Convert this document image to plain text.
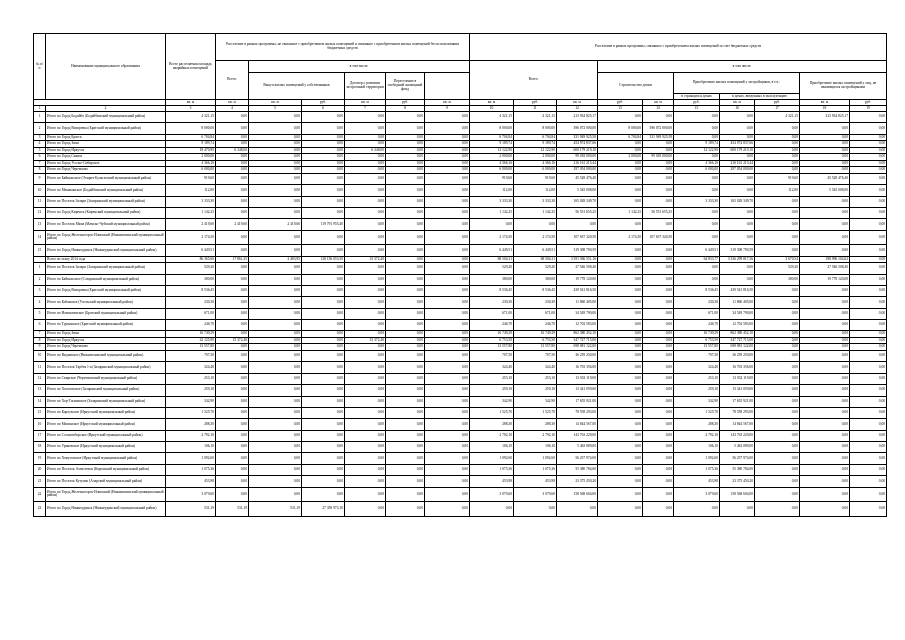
№ п/п	Наименование муниципального образования	Всего расселяемая площадь аварийных помещений	Расселение в рамках программы, не связанное с приобретением жилых помещений и связанное с приобретением жилых помещений без использования бюджетных средств						Расселение в рамках программы, связанное с приобретением жилых помещений за счет бюджетных средств									
			Всего:	в том числе:					Всего:			в том числе:						
				Выкуп жилых помещений у собственников		Договор о развитии застроенной территории	Переселение в свободный жилищный фонд					Строительство домов		Приобретение жилых помещений у застройщиков, в т.ч.:			Приобретение жилых помещений у лиц, не являющихся застройщиками	
														в строящихся домах	в домах, введенных в эксплуатацию			
		кв. м	кв. м	кв. м	руб.	кв. м	руб.	кв. м	кв. м	руб.	кв. м	руб.	кв. м	руб.	кв. м	руб.	кв. м	руб.
1	2	3	4	5	6	7	8	9	10	11	12	13	14	15	16	17	18	19
1	Итого по Город Бодайбо (Бодайбинский муниципальный район)	4 321,15	0,00	0,00	0,00	0,00	0,00	0,00	4 321,15	4 321,15	213 934 825,17	0,00	0,00	0,00	0,00	4 321,15	213 934 825,17	0,00
2	Итого по Город Вихоревка (Братский муниципальный район)	8 000,00	0,00	0,00	0,00	0,00	0,00	0,00	8 000,00	8 000,00	396 072 000,00	8 000,00	396 072 000,00	0,00	0,00	0,00	0,00	0,00
3	Итого по Город Братск	6 704,84	0,00	0,00	0,00	0,00	0,00	0,00	6 704,84	6 704,84	331 949 925,58	6 704,84	331 949 925,58	0,00	0,00	0,00	0,00	0,00
4	Итого по Город Зима	9 189,74	0,00	0,00	0,00	0,00	0,00	0,00	9 189,74	9 189,74	454 974 837,66	0,00	0,00	9 189,74	454 974 837,66	0,00	0,00	0,00
5	Итого по Город Иркутск	18 470,90	6 348,00	0,00	0,00	6 348,00	0,00	0,00	12 122,90	12 122,90	600 179 219,10	0,00	0,00	12 122,90	600 179 219,10	0,00	0,00	0,00
6	Итого по Город Саянск	2 000,00	0,00	0,00	0,00	0,00	0,00	0,00	2 000,00	2 000,00	99 018 000,00	2 000,00	99 018 000,00	0,00	0,00	0,00	0,00	0,00
7	Итого по Город Усолье-Сибирское	4 366,16	0,00	0,00	0,00	0,00	0,00	0,00	4 366,16	4 366,16	216 161 215,44	0,00	0,00	4 366,16	216 161 215,44	0,00	0,00	0,00
8	Итого по Город Черемхово	6 000,00	0,00	0,00	0,00	0,00	0,00	0,00	6 000,00	6 000,00	297 054 000,00	0,00	0,00	6 000,00	297 054 000,00	0,00	0,00	0,00
9	Итого по Байкальское (Эхирит-Булагатский муниципальный район)	919,60	0,00	0,00	0,00	0,00	0,00	0,00	919,60	919,60	45 528 476,40	0,00	0,00	0,00	0,00	919,60	45 528 476,40	0,00
10	Итого по Мамаканское (Бодайбинский муниципальный район)	112,00	0,00	0,00	0,00	0,00	0,00	0,00	112,00	112,00	5 545 008,00	0,00	0,00	0,00	0,00	112,00	5 545 008,00	0,00
11	Итого по Поселок Залари (Заларинский муниципальный район)	3 333,30	0,00	0,00	0,00	0,00	0,00	0,00	3 333,30	3 333,30	165 028 349,70	0,00	0,00	3 333,30	165 028 349,70	0,00	0,00	0,00
12	Итого по Город Киренск (Киренский муниципальный район)	1 142,25	0,00	0,00	0,00	0,00	0,00	0,00	1 142,25	1 142,25	56 551 655,25	1 142,25	56 551 655,25	0,00	0,00	0,00	0,00	0,00
13	Итого по Поселок Мама (Мамско-Чуйский муниципальный район)	2 419,60	2 419,60	2 419,60	119 791 955,40	0,00	0,00	0,00	0,00	0,00	0,00	0,00	0,00	0,00	0,00	0,00	0,00	0,00
14	Итого по Город Железногорск-Илимский (Нижнеилимский муниципальный район)	2 174,50	0,00	0,00	0,00	0,00	0,00	0,00	2 174,50	2 174,50	107 657 320,50	2 174,50	107 657 320,50	0,00	0,00	0,00	0,00	0,00
15	Итого по Город Нижнеудинск (Нижнеудинский муниципальный район)	6 449,51	0,00	0,00	0,00	0,00	0,00	0,00	6 449,51	6 449,51	319 308 790,59	0,00	0,00	6 449,51	319 308 790,59	0,00	0,00	0,00
	Всего по этапу 2014 года	86 365,66	17 861,35	2 483,95	128 156 053,50	15 372,40	0,00	0,00	68 504,31	68 504,31	3 391 566 551,16	0,00	0,00	64 833,77	3 336 299 817,36	3 670,54	188 996 104,62	0,00
1	Итого по Поселок Залари (Заларинский муниципальный район)	529,20	0,00	0,00	0,00	0,00	0,00	0,00	529,20	529,20	27 546 508,40	0,00	0,00	0,00	0,00	529,20	27 546 508,40	0,00
2	Итого по Байкальское (Слюдянский муниципальный район)	380,00	0,00	0,00	0,00	0,00	0,00	0,00	380,00	380,00	19 778 120,00	0,00	0,00	0,00	0,00	380,00	19 778 120,00	0,00
3	Итого по Город Вихоревка (Братский муниципальный район)	8 536,45	0,00	0,00	0,00	0,00	0,00	0,00	8 536,45	8 536,45	439 541 816,50	0,00	0,00	8 536,45	439 541 816,50	0,00	0,00	0,00
4	Итого по Кабанское (Усольский муниципальный район)	230,30	0,00	0,00	0,00	0,00	0,00	0,00	230,30	230,30	11 860 405,00	0,00	0,00	230,30	11 860 405,00	0,00	0,00	0,00
5	Итого по Новоилимское (Братский муниципальный район)	671,00	0,00	0,00	0,00	0,00	0,00	0,00	671,00	671,00	34 549 790,00	0,00	0,00	671,00	34 549 790,00	0,00	0,00	0,00
6	Итого по Турманское (Братский муниципальный район)	246,70	0,00	0,00	0,00	0,00	0,00	0,00	246,70	246,70	12 702 583,00	0,00	0,00	246,70	12 702 583,00	0,00	0,00	0,00
7	Итого по Город Зима	16 749,29	0,00	0,00	0,00	0,00	0,00	0,00	16 749,29	16 749,29	862 380 452,10	0,00	0,00	16 749,29	862 380 452,10	0,00	0,00	0,00
8	Итого по Город Иркутск	22 125,90	15 372,40	0,00	0,00	15 372,40	0,00	0,00	6 753,50	6 753,50	347 727 715,00	0,00	0,00	6 753,50	347 727 715,00	0,00	0,00	0,00
9	Итого по Город Черемхово	13 557,80	0,00	0,00	0,00	0,00	0,00	0,00	13 557,80	13 557,80	698 081 122,00	0,00	0,00	13 557,80	698 081 122,00	0,00	0,00	0,00
10	Итого по Видимское (Нижнеилимский муниципальный район)	707,50	0,00	0,00	0,00	0,00	0,00	0,00	707,50	707,50	36 259 250,00	0,00	0,00	707,50	36 259 250,00	0,00	0,00	0,00
11	Итого по Поселок Тарбея 1-я (Заларинский муниципальный район)	324,40	0,00	0,00	0,00	0,00	0,00	0,00	324,40	324,40	16 703 356,00	0,00	0,00	324,40	16 703 356,00	0,00	0,00	0,00
12	Итого по Свирское (Черемховский муниципальный район)	253,10	0,00	0,00	0,00	0,00	0,00	0,00	253,10	253,10	13 032 119,00	0,00	0,00	253,10	13 032 119,00	0,00	0,00	0,00
13	Итого по Хоготовское (Заларинский муниципальный район)	259,10	0,00	0,00	0,00	0,00	0,00	0,00	259,10	259,10	13 341 059,00	0,00	0,00	259,10	13 341 059,00	0,00	0,00	0,00
14	Итого по Хор-Тагнинское (Заларинский муниципальный район)	342,90	0,00	0,00	0,00	0,00	0,00	0,00	342,90	342,90	17 655 921,00	0,00	0,00	342,90	17 655 921,00	0,00	0,00	0,00
15	Итого по Карлукское (Иркутский муниципальный район)	1 525,70	0,00	0,00	0,00	0,00	0,00	0,00	1 525,70	1 525,70	78 558 293,00	0,00	0,00	1 525,70	78 558 293,00	0,00	0,00	0,00
16	Итого по Мамонское (Иркутский муниципальный район)	288,30	0,00	0,00	0,00	0,00	0,00	0,00	288,30	288,30	14 844 567,00	0,00	0,00	288,30	14 844 567,00	0,00	0,00	0,00
17	Итого по Сосновоборское (Иркутский муниципальный район)	2 792,10	0,00	0,00	0,00	0,00	0,00	0,00	2 792,10	2 792,10	143 763 229,00	0,00	0,00	2 792,10	143 763 229,00	0,00	0,00	0,00
18	Итого по Уриковское (Иркутский муниципальный район)	106,10	0,00	0,00	0,00	0,00	0,00	0,00	106,10	106,10	5 463 089,00	0,00	0,00	106,10	5 463 089,00	0,00	0,00	0,00
19	Итого по Хомутовское (Иркутский муниципальный район)	1 092,60	0,00	0,00	0,00	0,00	0,00	0,00	1 092,60	1 092,60	56 257 974,00	0,00	0,00	1 092,60	56 257 974,00	0,00	0,00	0,00
20	Итого по Поселок Алексеевск (Киренский муниципальный район)	1 075,36	0,00	0,00	0,00	0,00	0,00	0,00	1 075,36	1 075,36	55 380 784,00	0,00	0,00	1 075,36	55 380 784,00	0,00	0,00	0,00
21	Итого по Поселок Кутулик (Аларский муниципальный район)	453,98	0,00	0,00	0,00	0,00	0,00	0,00	453,98	453,98	23 375 450,20	0,00	0,00	453,98	23 375 450,20	0,00	0,00	0,00
22	Итого по Город Железногорск-Илимский (Нижнеилимский муниципальный район)	3 079,60	0,00	0,00	0,00	0,00	0,00	0,00	3 079,60	3 079,60	158 568 604,00	0,00	0,00	3 079,60	158 568 604,00	0,00	0,00	0,00
23	Итого по Город Нижнеудинск (Нижнеудинский муниципальный район)	531,19	531,19	531,19	27 350 973,10	0,00	0,00	0,00	0,00	0,00	0,00	0,00	0,00	0,00	0,00	0,00	0,00	0,00
